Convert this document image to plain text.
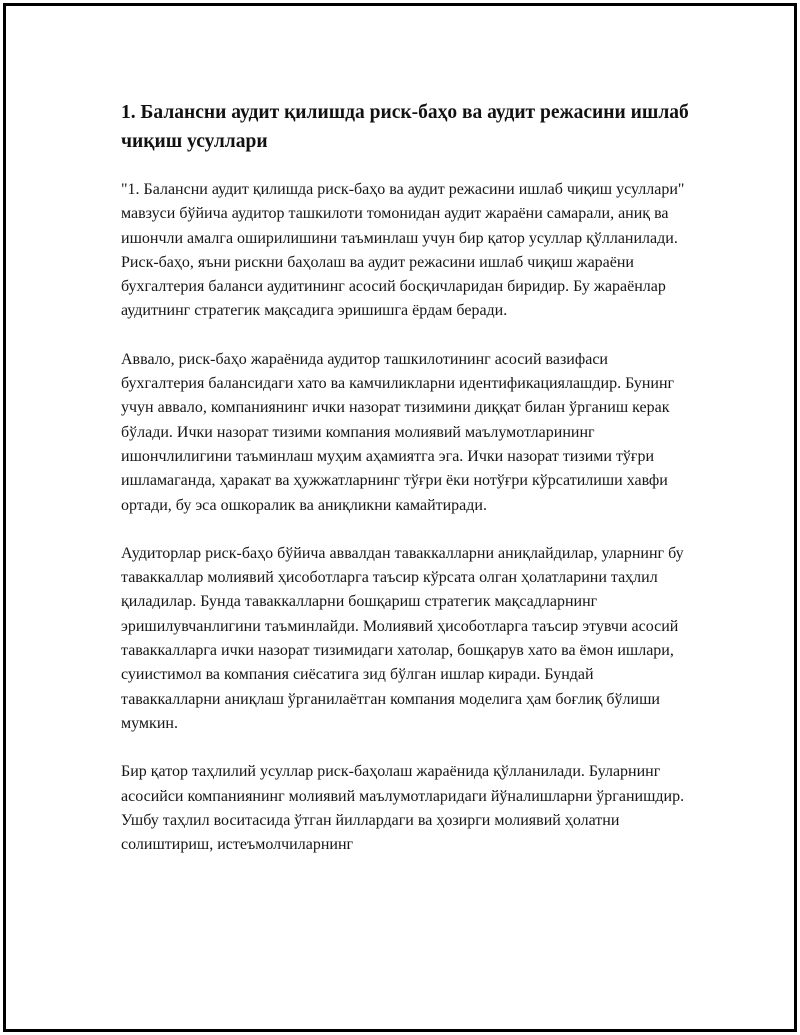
1. Балансни аудит қилишда риск-баҳо ва аудит режасини ишлаб чиқиш усуллари

"1. Балансни аудит қилишда риск-баҳо ва аудит режасини ишлаб чиқиш усуллари" мавзуси бўйича аудитор ташкилоти томонидан аудит жараёни самарали, аниқ ва ишончли амалга оширилишини таъминлаш учун бир қатор усуллар қўлланилади. Риск-баҳо, яъни рискни баҳолаш ва аудит режасини ишлаб чиқиш жараёни бухгалтерия баланси аудитининг асосий босқичларидан биридир. Бу жараёнлар аудитнинг стратегик мақсадига эришишга ёрдам беради.

Аввало, риск-баҳо жараёнида аудитор ташкилотининг асосий вазифаси бухгалтерия балансидаги хато ва камчиликларни идентификациялашдир. Бунинг учун аввало, компаниянинг ички назорат тизимини диққат билан ўрганиш керак бўлади. Ички назорат тизими компания молиявий маълумотларининг ишончлилигини таъминлаш муҳим аҳамиятга эга. Ички назорат тизими тўғри ишламаганда, ҳаракат ва ҳужжатларнинг тўғри ёки нотўғри кўрсатилиши хавфи ортади, бу эса ошкоралик ва аниқликни камайтиради.

Аудиторлар риск-баҳо бўйича аввалдан таваккалларни аниқлайдилар, уларнинг бу таваккаллар молиявий ҳисоботларга таъсир кўрсата олган ҳолатларини таҳлил қиладилар. Бунда таваккалларни бошқариш стратегик мақсадларнинг эришилувчанлигини таъминлайди. Молиявий ҳисоботларга таъсир этувчи асосий таваккалларга ички назорат тизимидаги хатолар, бошқарув хато ва ёмон ишлари, суиистимол ва компания сиёсатига зид бўлган ишлар киради. Бундай таваккалларни аниқлаш ўрганилаётган компания моделига ҳам боғлиқ бўлиши мумкин.

Бир қатор таҳлилий усуллар риск-баҳолаш жараёнида қўлланилади. Буларнинг асосийси компаниянинг молиявий маълумотларидаги йўналишларни ўрганишдир. Ушбу таҳлил воситасида ўтган йиллардаги ва ҳозирги молиявий ҳолатни солиштириш, истеъмолчиларнинг
